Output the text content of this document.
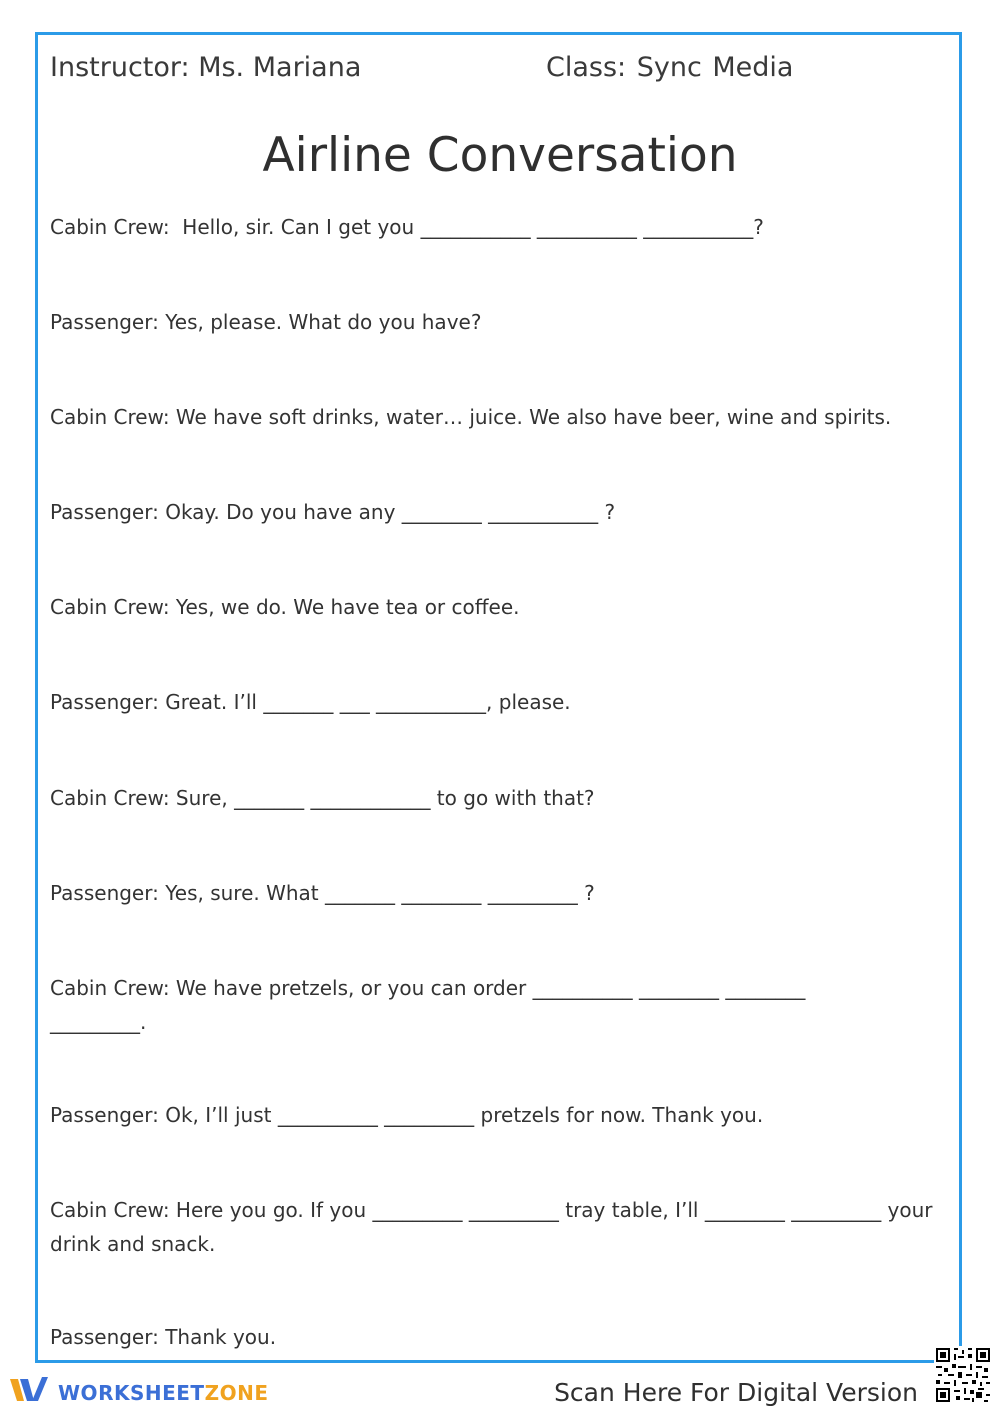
Instructor: Ms. Mariana	Class: Sync Media
Airline Conversation
Cabin Crew:  Hello, sir. Can I get you ___________ __________ ___________?
Passenger: Yes, please. What do you have?
Cabin Crew: We have soft drinks, water… juice. We also have beer, wine and spirits.
Passenger: Okay. Do you have any ________ ___________ ?
Cabin Crew: Yes, we do. We have tea or coffee.
Passenger: Great. I’ll _______ ___ ___________, please.
Cabin Crew: Sure, _______ ____________ to go with that?
Passenger: Yes, sure. What _______ ________ _________ ?
Cabin Crew: We have pretzels, or you can order __________ ________ ________ _________.
Passenger: Ok, I’ll just __________ _________ pretzels for now. Thank you.
Cabin Crew: Here you go. If you _________ _________ tray table, I’ll ________ _________ your drink and snack.
Passenger: Thank you.
WORKSHEETZONE	Scan Here For Digital Version
